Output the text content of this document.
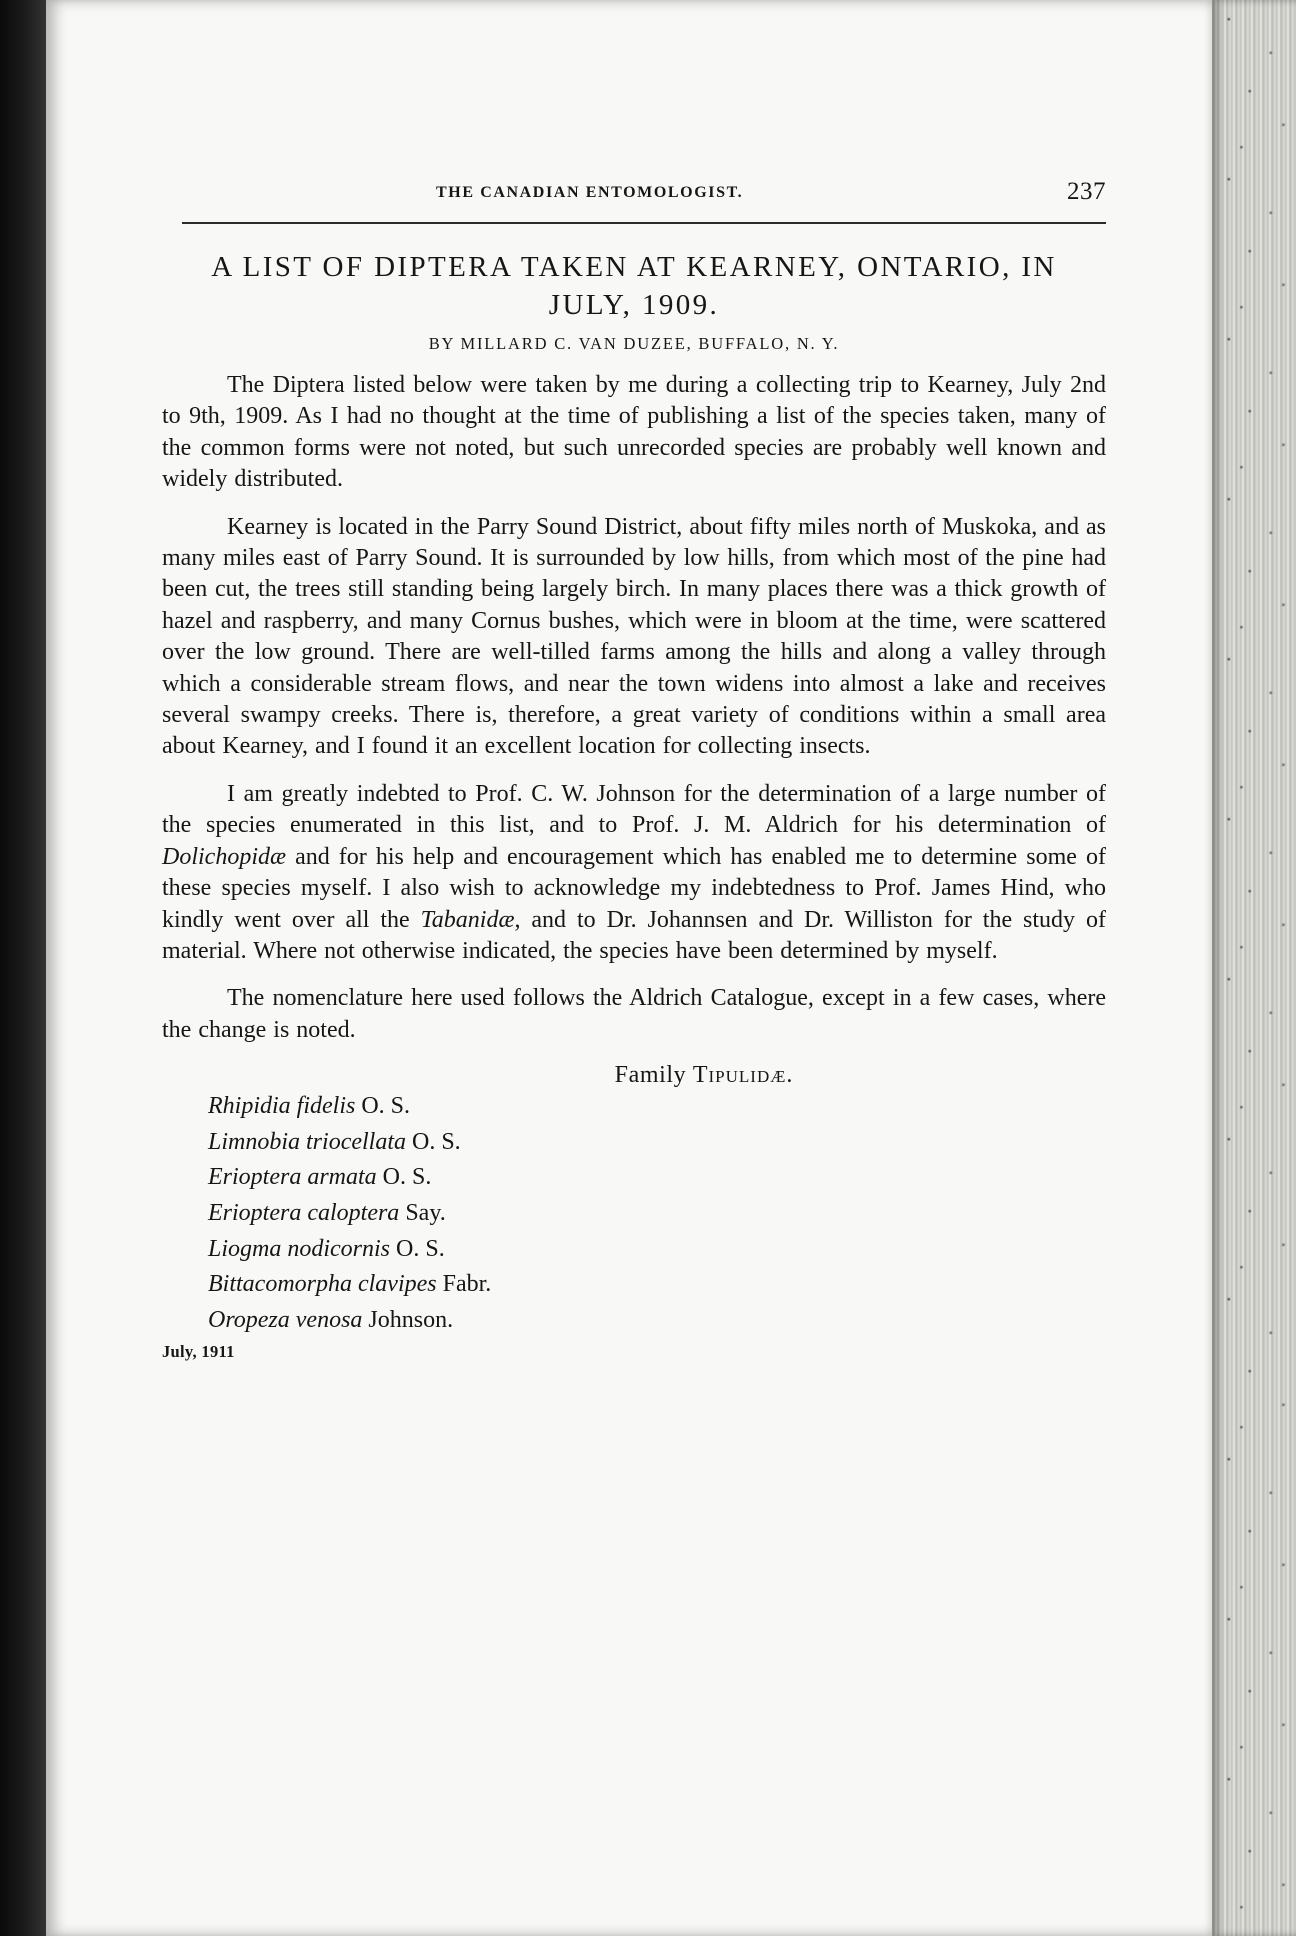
THE CANADIAN ENTOMOLOGIST.	237
A LIST OF DIPTERA TAKEN AT KEARNEY, ONTARIO, IN
JULY, 1909.
BY MILLARD C. VAN DUZEE, BUFFALO, N. Y.

The Diptera listed below were taken by me during a collecting trip to Kearney, July 2nd to 9th, 1909. As I had no thought at the time of publishing a list of the species taken, many of the common forms were not noted, but such unrecorded species are probably well known and widely distributed.

Kearney is located in the Parry Sound District, about fifty miles north of Muskoka, and as many miles east of Parry Sound. It is surrounded by low hills, from which most of the pine had been cut, the trees still standing being largely birch. In many places there was a thick growth of hazel and raspberry, and many Cornus bushes, which were in bloom at the time, were scattered over the low ground. There are well-tilled farms among the hills and along a valley through which a considerable stream flows, and near the town widens into almost a lake and receives several swampy creeks. There is, therefore, a great variety of conditions within a small area about Kearney, and I found it an excellent location for collecting insects.

I am greatly indebted to Prof. C. W. Johnson for the determination of a large number of the species enumerated in this list, and to Prof. J. M. Aldrich for his determination of Dolichopidæ and for his help and encouragement which has enabled me to determine some of these species myself. I also wish to acknowledge my indebtedness to Prof. James Hind, who kindly went over all the Tabanidæ, and to Dr. Johannsen and Dr. Williston for the study of material. Where not otherwise indicated, the species have been determined by myself.

The nomenclature here used follows the Aldrich Catalogue, except in a few cases, where the change is noted.

Family Tipulidæ.
Rhipidia fidelis O. S.
Limnobia triocellata O. S.
Erioptera armata O. S.
Erioptera caloptera Say.
Liogma nodicornis O. S.
Bittacomorpha clavipes Fabr.
Oropeza venosa Johnson.
July, 1911
